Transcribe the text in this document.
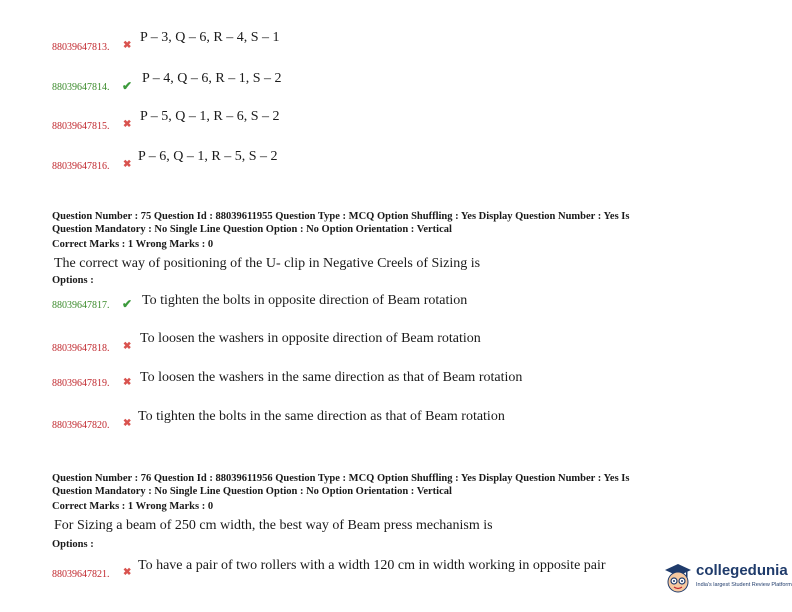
88039647813. ✖
P – 3, Q – 6, R – 4, S – 1
88039647814. ✔ P – 4, Q – 6, R – 1, S – 2
88039647815. ✖
P – 5, Q – 1, R – 6, S – 2
88039647816. ✖
P – 6, Q – 1, R – 5, S – 2
Question Number : 75 Question Id : 88039611955 Question Type : MCQ Option Shuffling : Yes Display Question Number : Yes Is
Question Mandatory : No Single Line Question Option : No Option Orientation : Vertical
Correct Marks : 1 Wrong Marks : 0
The correct way of positioning of the U- clip in Negative Creels of Sizing is
Options :
88039647817. ✔ To tighten the bolts in opposite direction of Beam rotation
88039647818. ✖
To loosen the washers in opposite direction of Beam rotation
88039647819. ✖ To loosen the washers in the same direction as that of Beam rotation
88039647820. ✖ To tighten the bolts in the same direction as that of Beam rotation
Question Number : 76 Question Id : 88039611956 Question Type : MCQ Option Shuffling : Yes Display Question Number : Yes Is
Question Mandatory : No Single Line Question Option : No Option Orientation : Vertical
Correct Marks : 1 Wrong Marks : 0
For Sizing a beam of 250 cm width, the best way of Beam press mechanism is
Options :
88039647821. ✖ To have a pair of two rollers with a width 120 cm in width working in opposite pair	collegedunia
India's largest Student Review Platform
